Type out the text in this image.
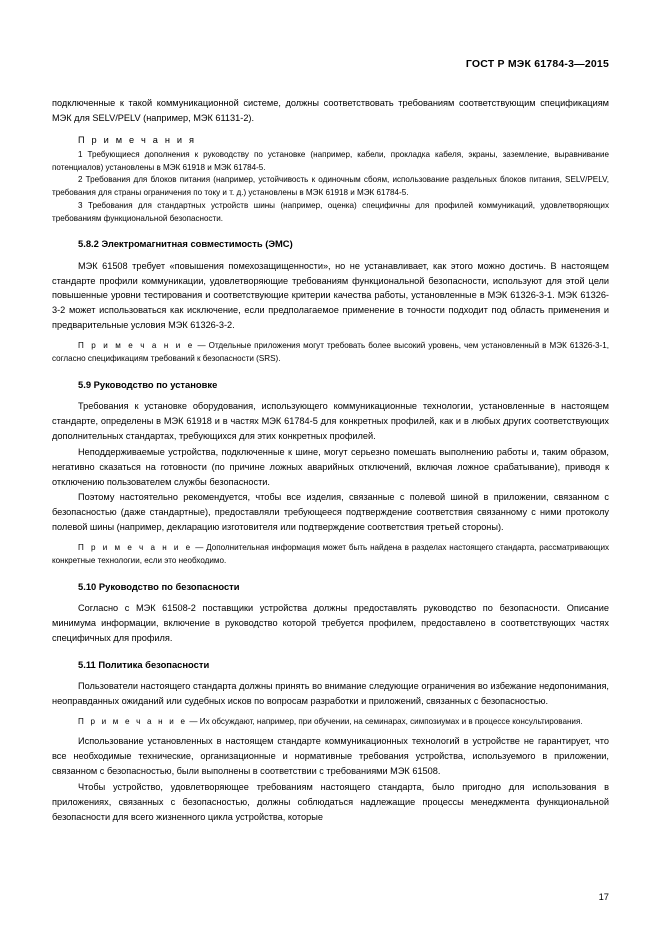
ГОСТ Р МЭК 61784-3—2015

подключенные к такой коммуникационной системе, должны соответствовать требованиям соответствующим спецификациям МЭК для SELV/PELV (например, МЭК 61131-2).

П р и м е ч а н и я

1 Требующиеся дополнения к руководству по установке (например, кабели, прокладка кабеля, экраны, заземление, выравнивание потенциалов) установлены в МЭК 61918 и МЭК 61784-5.

2 Требования для блоков питания (например, устойчивость к одиночным сбоям, использование раздельных блоков питания, SELV/PELV, требования для страны ограничения по току и т. д.) установлены в МЭК 61918 и МЭК 61784-5.

3 Требования для стандартных устройств шины (например, оценка) специфичны для профилей коммуникаций, удовлетворяющих требованиям функциональной безопасности.

5.8.2 Электромагнитная совместимость (ЭМС)

МЭК 61508 требует «повышения помехозащищенности», но не устанавливает, как этого можно достичь. В настоящем стандарте профили коммуникации, удовлетворяющие требованиям функциональной безопасности, используют для этой цели повышенные уровни тестирования и соответствующие критерии качества работы, установленные в МЭК 61326-3-1. МЭК 61326-3-2 может использоваться как исключение, если предполагаемое применение в точности подходит под область применения и предварительные условия МЭК 61326-3-2.

П р и м е ч а н и е — Отдельные приложения могут требовать более высокий уровень, чем установленный в МЭК 61326-3-1, согласно спецификациям требований к безопасности (SRS).

5.9 Руководство по установке

Требования к установке оборудования, использующего коммуникационные технологии, установленные в настоящем стандарте, определены в МЭК 61918 и в частях МЭК 61784-5 для конкретных профилей, как и в любых других соответствующих дополнительных стандартах, требующихся для этих конкретных профилей.

Неподдерживаемые устройства, подключенные к шине, могут серьезно помешать выполнению работы и, таким образом, негативно сказаться на готовности (по причине ложных аварийных отключений, включая ложное срабатывание), приводя к отключению пользователем службы безопасности.

Поэтому настоятельно рекомендуется, чтобы все изделия, связанные с полевой шиной в приложении, связанном с безопасностью (даже стандартные), предоставляли требующееся подтверждение соответствия связанному с ними протоколу полевой шины (например, декларацию изготовителя или подтверждение соответствия третьей стороны).

П р и м е ч а н и е — Дополнительная информация может быть найдена в разделах настоящего стандарта, рассматривающих конкретные технологии, если это необходимо.

5.10 Руководство по безопасности

Согласно с МЭК 61508-2 поставщики устройства должны предоставлять руководство по безопасности. Описание минимума информации, включение в руководство которой требуется профилем, предоставлено в соответствующих частях специфичных для профиля.

5.11 Политика безопасности

Пользователи настоящего стандарта должны принять во внимание следующие ограничения во избежание недопонимания, неоправданных ожиданий или судебных исков по вопросам разработки и приложений, связанных с безопасностью.

П р и м е ч а н и е — Их обсуждают, например, при обучении, на семинарах, симпозиумах и в процессе консультирования.

Использование установленных в настоящем стандарте коммуникационных технологий в устройстве не гарантирует, что все необходимые технические, организационные и нормативные требования устройства, используемого в приложении, связанном с безопасностью, были выполнены в соответствии с требованиями МЭК 61508.

Чтобы устройство, удовлетворяющее требованиям настоящего стандарта, было пригодно для использования в приложениях, связанных с безопасностью, должны соблюдаться надлежащие процессы менеджмента функциональной безопасности для всего жизненного цикла устройства, которые

17
